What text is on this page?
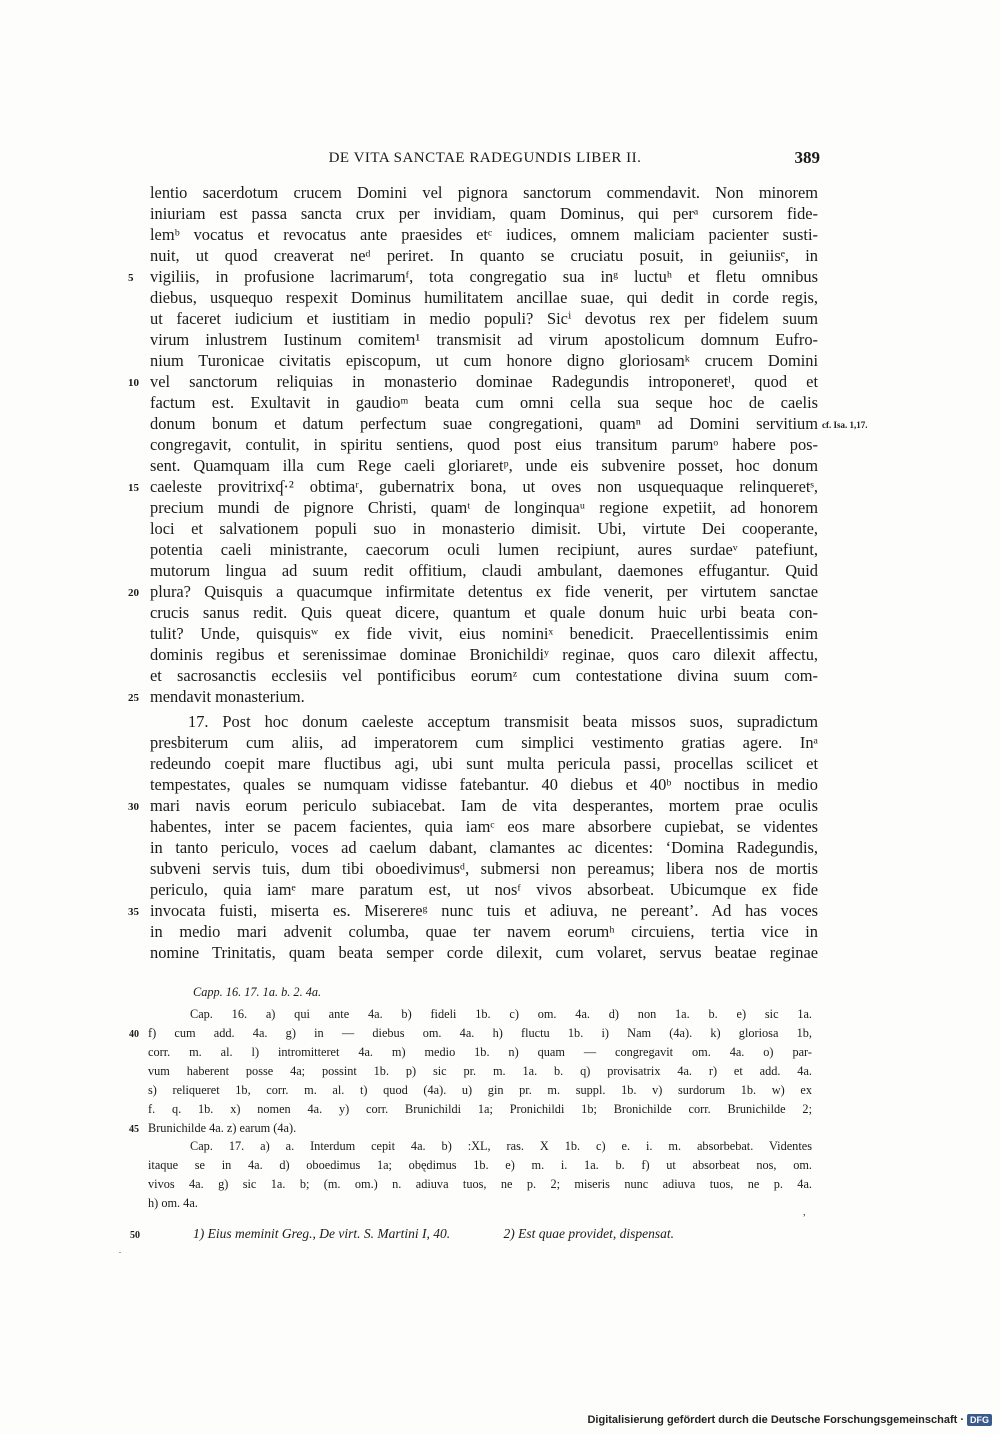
DE VITA SANCTAE RADEGUNDIS LIBER II.	389
lentio sacerdotum crucem Domini vel pignora sanctorum commendavit. Non minorem
iniuriam est passa sancta crux per invidiam, quam Dominus, qui perᵃ cursorem fide-
lemᵇ vocatus et revocatus ante praesides etᶜ iudices, omnem maliciam pacienter susti-
nuit, ut quod creaverat neᵈ periret. In quanto se cruciatu posuit, in geiuniisᵉ, in
vigiliis, in profusione lacrimarumᶠ, tota congregatio sua inᵍ luctuʰ et fletu omnibus
diebus, usquequo respexit Dominus humilitatem ancillae suae, qui dedit in corde regis,
ut faceret iudicium et iustitiam in medio populi? Sicⁱ devotus rex per fidelem suum
virum inlustrem Iustinum comitem¹ transmisit ad virum apostolicum domnum Eufro-
nium Turonicae civitatis episcopum, ut cum honore digno gloriosamᵏ crucem Domini
vel sanctorum reliquias in monasterio dominae Radegundis introponeretˡ, quod et
factum est. Exultavit in gaudioᵐ beata cum omni cella sua seque hoc de caelis
donum bonum et datum perfectum suae congregationi, quamⁿ ad Domini servitium
congregavit, contulit, in spiritu sentiens, quod post eius transitum parumᵒ habere pos-
sent. Quamquam illa cum Rege caeli gloriaretᵖ, unde eis subvenire posset, hoc donum
caeleste provitrixʠ·² obtimaʳ, gubernatrix bona, ut oves non usquequaque relinqueretˢ,
precium mundi de pignore Christi, quamᵗ de longinquaᵘ regione expetiit, ad honorem
loci et salvationem populi suo in monasterio dimisit. Ubi, virtute Dei cooperante,
potentia caeli ministrante, caecorum oculi lumen recipiunt, aures surdaeᵛ patefiunt,
mutorum lingua ad suum redit offitium, claudi ambulant, daemones effugantur. Quid
plura? Quisquis a quacumque infirmitate detentus ex fide venerit, per virtutem sanctae
crucis sanus redit. Quis queat dicere, quantum et quale donum huic urbi beata con-
tulit? Unde, quisquisʷ ex fide vivit, eius nominiˣ benedicit. Praecellentissimis enim
dominis regibus et serenissimae dominae Bronichildiʸ reginae, quos caro dilexit affectu,
et sacrosanctis ecclesiis vel pontificibus eorumᶻ cum contestatione divina suum com-
mendavit monasterium.
17. Post hoc donum caeleste acceptum transmisit beata missos suos, supradictum
presbiterum cum aliis, ad imperatorem cum simplici vestimento gratias agere. Inᵃ
redeundo coepit mare fluctibus agi, ubi sunt multa pericula passi, procellas scilicet et
tempestates, quales se numquam vidisse fatebantur. 40 diebus et 40ᵇ noctibus in medio
mari navis eorum periculo subiacebat. Iam de vita desperantes, mortem prae oculis
habentes, inter se pacem facientes, quia iamᶜ eos mare absorbere cupiebat, se videntes
in tanto periculo, voces ad caelum dabant, clamantes ac dicentes: ‘Domina Radegundis,
subveni servis tuis, dum tibi oboedivimusᵈ, submersi non pereamus; libera nos de mortis
periculo, quia iamᵉ mare paratum est, ut nosᶠ vivos absorbeat. Ubicumque ex fide
invocata fuisti, miserta es. Miserereᵍ nunc tuis et adiuva, ne pereant’. Ad has voces
in medio mari advenit columba, quae ter navem eorumʰ circuiens, tertia vice in
nomine Trinitatis, quam beata semper corde dilexit, cum volaret, servus beatae reginae
5
10
15
20
25
30
35
cf. Isa. 1,17.
Capp. 16. 17. 1a. b. 2. 4a.
Cap. 16. a) qui ante 4a. b) fideli 1b. c) om. 4a. d) non 1a. b. e) sic 1a.
f) cum add. 4a. g) in — diebus om. 4a. h) fluctu 1b. i) Nam (4a). k) gloriosa 1b,
corr. m. al. l) intromitteret 4a. m) medio 1b. n) quam — congregavit om. 4a. o) par-
vum haberent posse 4a; possint 1b. p) sic pr. m. 1a. b. q) provisatrix 4a. r) et add. 4a.
s) reliqueret 1b, corr. m. al. t) quod (4a). u) gin pr. m. suppl. 1b. v) surdorum 1b. w) ex
f. q. 1b. x) nomen 4a. y) corr. Brunichildi 1a; Pronichildi 1b; Bronichilde corr. Brunichilde 2;
Brunichilde 4a. z) earum (4a).
Cap. 17. a) a. Interdum cepit 4a. b) :XL, ras. X 1b. c) e. i. m. absorbebat. Videntes
itaque se in 4a. d) oboedimus 1a; obędimus 1b. e) m. i. 1a. b. f) ut absorbeat nos, om.
vivos 4a. g) sic 1a. b; (m. om.) n. adiuva tuos, ne p. 2; miseris nunc adiuva tuos, ne p. 4a.
h) om. 4a.
40
45
,
50	1) Eius meminit Greg., De virt. S. Martini I, 40.	2) Est quae providet, dispensat.
.
Digitalisierung gefördert durch die Deutsche Forschungsgemeinschaft · DFG
